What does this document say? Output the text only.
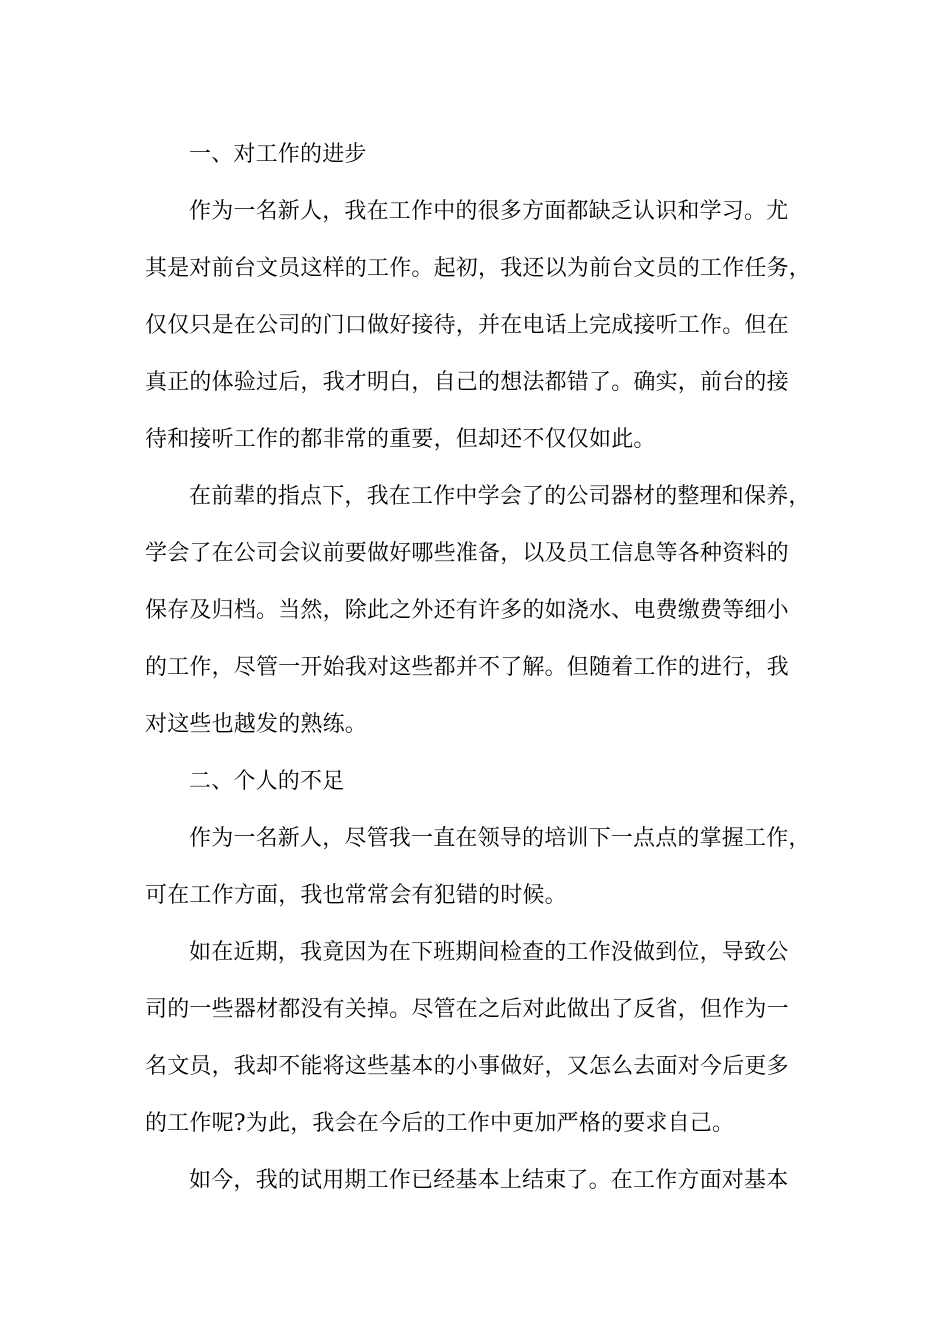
一、对工作的进步
作为一名新人，我在工作中的很多方面都缺乏认识和学习。尤
其是对前台文员这样的工作。起初，我还以为前台文员的工作任务，
仅仅只是在公司的门口做好接待，并在电话上完成接听工作。但在
真正的体验过后，我才明白，自己的想法都错了。确实，前台的接
待和接听工作的都非常的重要，但却还不仅仅如此。
在前辈的指点下，我在工作中学会了的公司器材的整理和保养，
学会了在公司会议前要做好哪些准备，以及员工信息等各种资料的
保存及归档。当然，除此之外还有许多的如浇水、电费缴费等细小
的工作，尽管一开始我对这些都并不了解。但随着工作的进行，我
对这些也越发的熟练。
二、个人的不足
作为一名新人，尽管我一直在领导的培训下一点点的掌握工作，
可在工作方面，我也常常会有犯错的时候。
如在近期，我竟因为在下班期间检查的工作没做到位，导致公
司的一些器材都没有关掉。尽管在之后对此做出了反省，但作为一
名文员，我却不能将这些基本的小事做好，又怎么去面对今后更多
的工作呢?为此，我会在今后的工作中更加严格的要求自己。
如今，我的试用期工作已经基本上结束了。在工作方面对基本
